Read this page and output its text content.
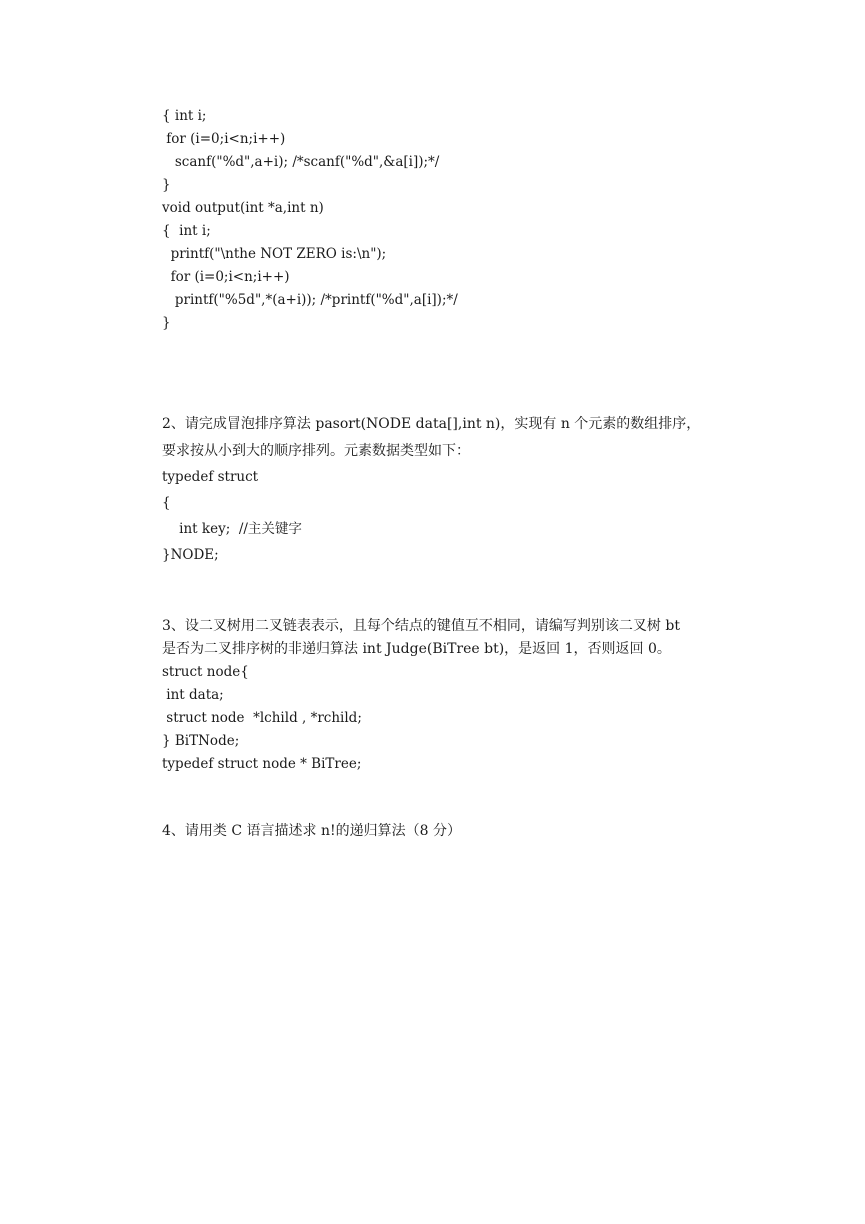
{ int i;
for (i=0;i<n;i++)
scanf("%d",a+i); /*scanf("%d",&a[i]);*/
}
void output(int *a,int n)
{  int i;
printf("\nthe NOT ZERO is:\n");
for (i=0;i<n;i++)
printf("%5d",*(a+i)); /*printf("%d",a[i]);*/
}
2、请完成冒泡排序算法 pasort(NODE data[],int n)，实现有 n 个元素的数组排序，
要求按从小到大的顺序排列。元素数据类型如下：
typedef struct
{
int key;  //主关键字
}NODE;
3、设二叉树用二叉链表表示，且每个结点的键值互不相同，请编写判别该二叉树 bt
是否为二叉排序树的非递归算法 int Judge(BiTree bt)，是返回 1，否则返回 0。
struct node{
int data;
struct node  *lchild , *rchild;
} BiTNode;
typedef struct node * BiTree;
4、请用类 C 语言描述求 n!的递归算法（8 分）
